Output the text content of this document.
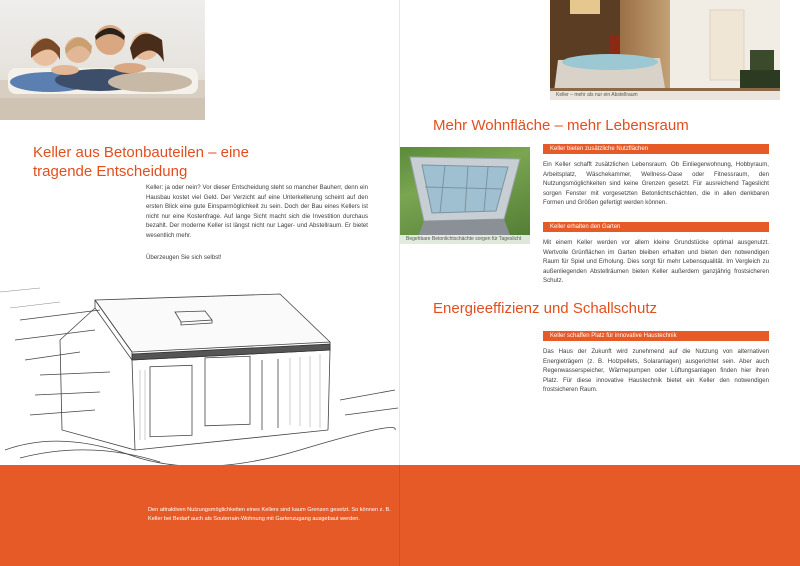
Keller aus Betonbauteilen – eine tragende Entscheidung

Keller: ja oder nein? Vor dieser Entscheidung steht so mancher Bauherr, denn ein Hausbau kostet viel Geld. Der Verzicht auf eine Unterkellerung scheint auf den ersten Blick eine gute Einsparmöglichkeit zu sein. Doch der Bau eines Kellers ist nicht nur eine Kostenfrage. Auf lange Sicht macht sich die Investition durchaus bezahlt. Der moderne Keller ist längst nicht nur Lager- und Abstellraum. Er bietet wesentlich mehr.

Überzeugen Sie sich selbst!

Keller – mehr als nur ein Abstellraum
Begehbare Betonlichtschächte sorgen für Tageslicht
Mehr Wohnfläche – mehr Lebensraum
Keller bieten zusätzliche Nutzflächen

Ein Keller schafft zusätzlichen Lebensraum. Ob Einliegerwohnung, Hobbyraum, Arbeitsplatz, Wäschekammer, Wellness-Oase oder Fitnessraum, den Nutzungsmöglichkeiten sind keine Grenzen gesetzt. Für ausreichend Tageslicht sorgen Fenster mit vorgesetzten Betonlichtschächten, die in allen denkbaren Formen und Größen gefertigt werden können.

Keller erhalten den Garten

Mit einem Keller werden vor allem kleine Grundstücke optimal ausgenutzt. Wertvolle Grünflächen im Garten bleiben erhalten und bieten den notwendigen Raum für Spiel und Erholung. Dies sorgt für mehr Lebensqualität. Im Vergleich zu außenliegenden Abstellräumen bieten Keller außerdem ganzjährig frostsicheren Schutz.

Energieeffizienz und Schallschutz
Keller schaffen Platz für innovative Haustechnik

Das Haus der Zukunft wird zunehmend auf die Nutzung von alternativen Energieträgern (z. B. Holzpellets, Solaranlagen) ausgerichtet sein. Aber auch Regenwasserspeicher, Wärmepumpen oder Lüftungsanlagen finden hier ihren Platz. Für diese innovative Haustechnik bietet ein Keller den notwendigen frostsicheren Raum.

Den attraktiven Nutzungsmöglichkeiten eines Kellers sind kaum Grenzen gesetzt. So können z. B. Keller bei Bedarf auch als Souterrain-Wohnung mit Gartenzugang ausgebaut werden.
